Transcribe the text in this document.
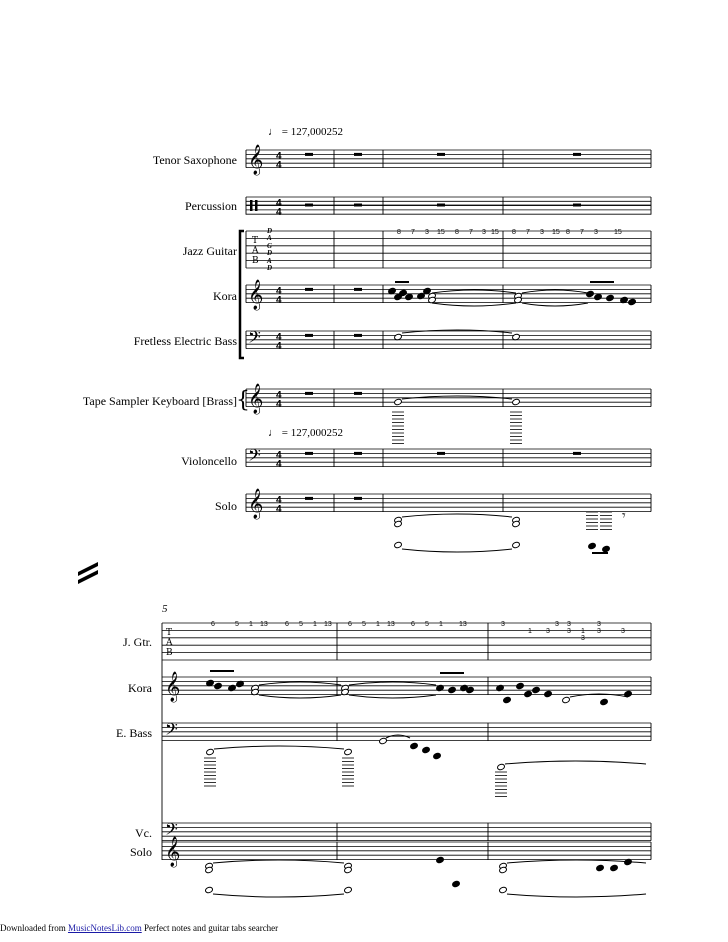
♩ = 127,000252
♩ = 127,000252
Tenor Saxophone
Percussion
Jazz Guitar
Kora
Fretless Electric Bass
Tape Sampler Keyboard [Brass]
Violoncello
Solo
5
J. Gtr.
Kora
E. Bass
Vc.
Solo
D
A
G
D
A
D
8 7 3 15 8 7 3 15 8 7 3 15 8 7 3 15
6	5 1 13 6 5 1 13 6 5 1 13 6 5 1 13	3	3 3	3
1 3 3 1 3	3
3
𝄞 4
4
4
4
T
A
B
𝄞 4
4
𝄢 4
4
𝄞 4
4
𝄢 4
4
𝄞 4
4
{
𝄾
T
A
B
𝄞
𝄢
𝄢
𝄞
Downloaded from MusicNotesLib.com Perfect notes and guitar tabs searcher
